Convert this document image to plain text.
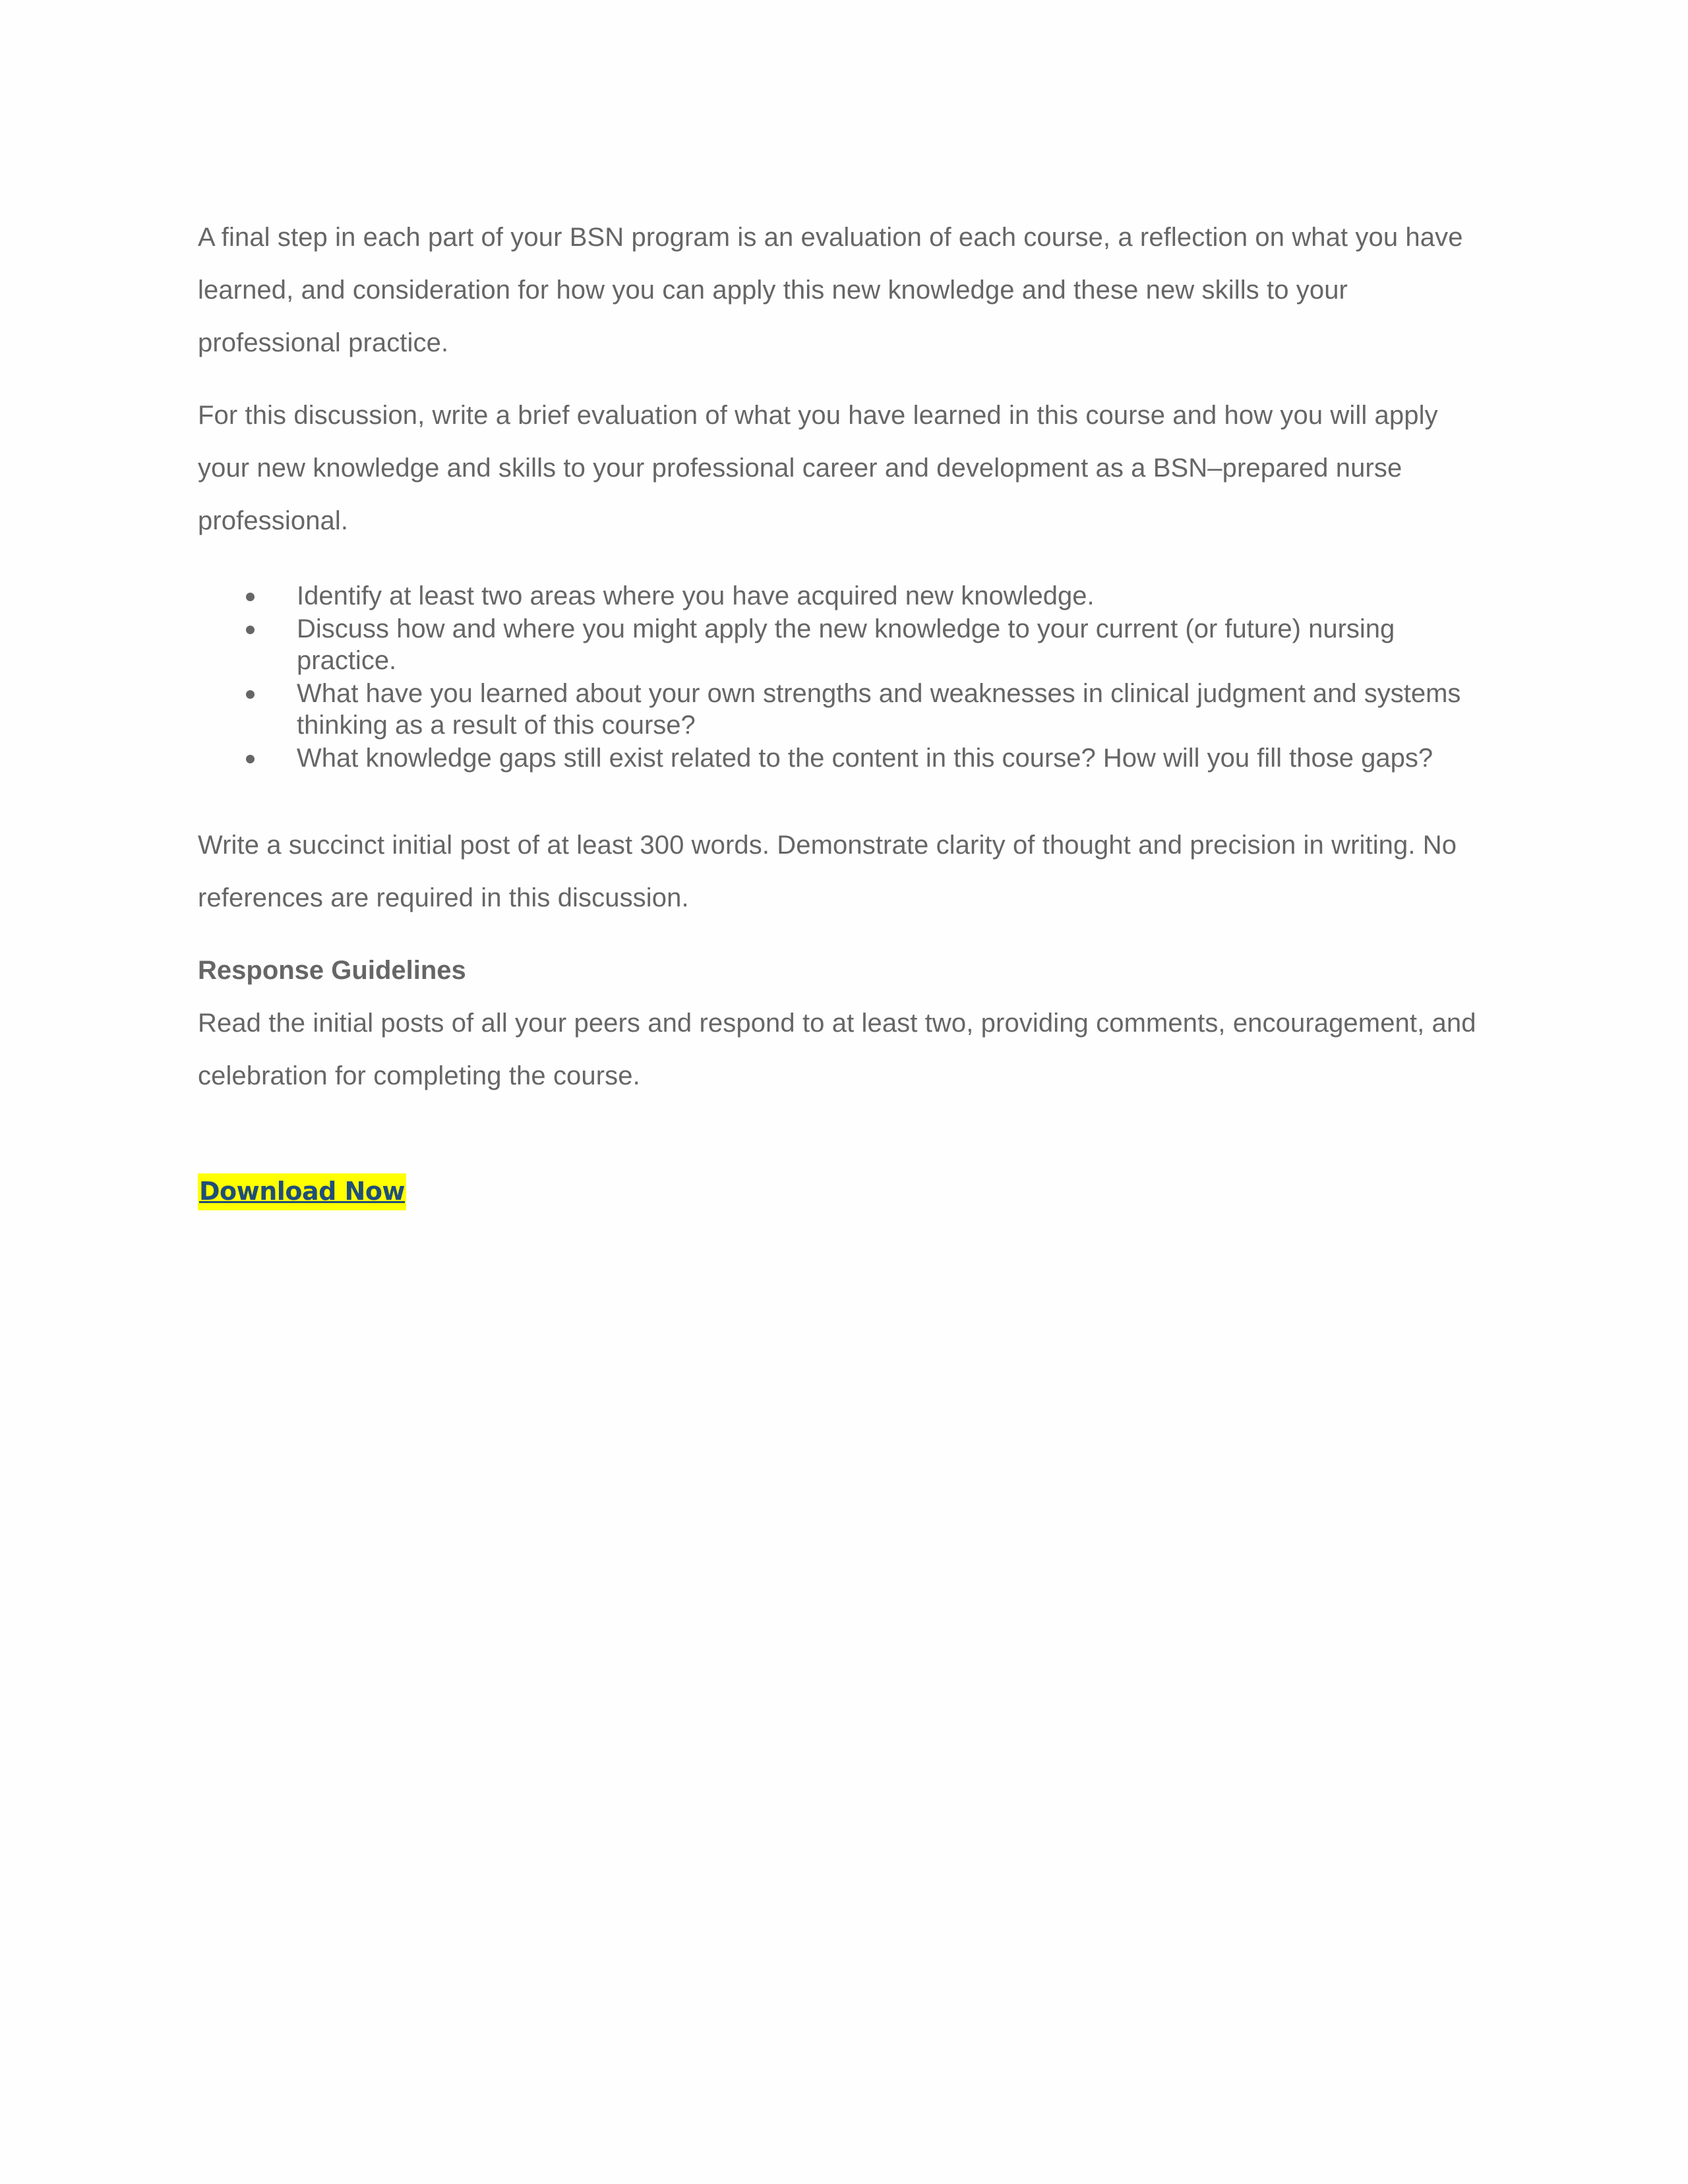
A final step in each part of your BSN program is an evaluation of each course, a reflection on what you have learned, and consideration for how you can apply this new knowledge and these new skills to your professional practice.

For this discussion, write a brief evaluation of what you have learned in this course and how you will apply your new knowledge and skills to your professional career and development as a BSN–prepared nurse professional.

Identify at least two areas where you have acquired new knowledge.
Discuss how and where you might apply the new knowledge to your current (or future) nursing practice.
What have you learned about your own strengths and weaknesses in clinical judgment and systems thinking as a result of this course?
What knowledge gaps still exist related to the content in this course? How will you fill those gaps?

Write a succinct initial post of at least 300 words. Demonstrate clarity of thought and precision in writing. No references are required in this discussion.

Response Guidelines

Read the initial posts of all your peers and respond to at least two, providing comments, encouragement, and celebration for completing the course.

Download Now
